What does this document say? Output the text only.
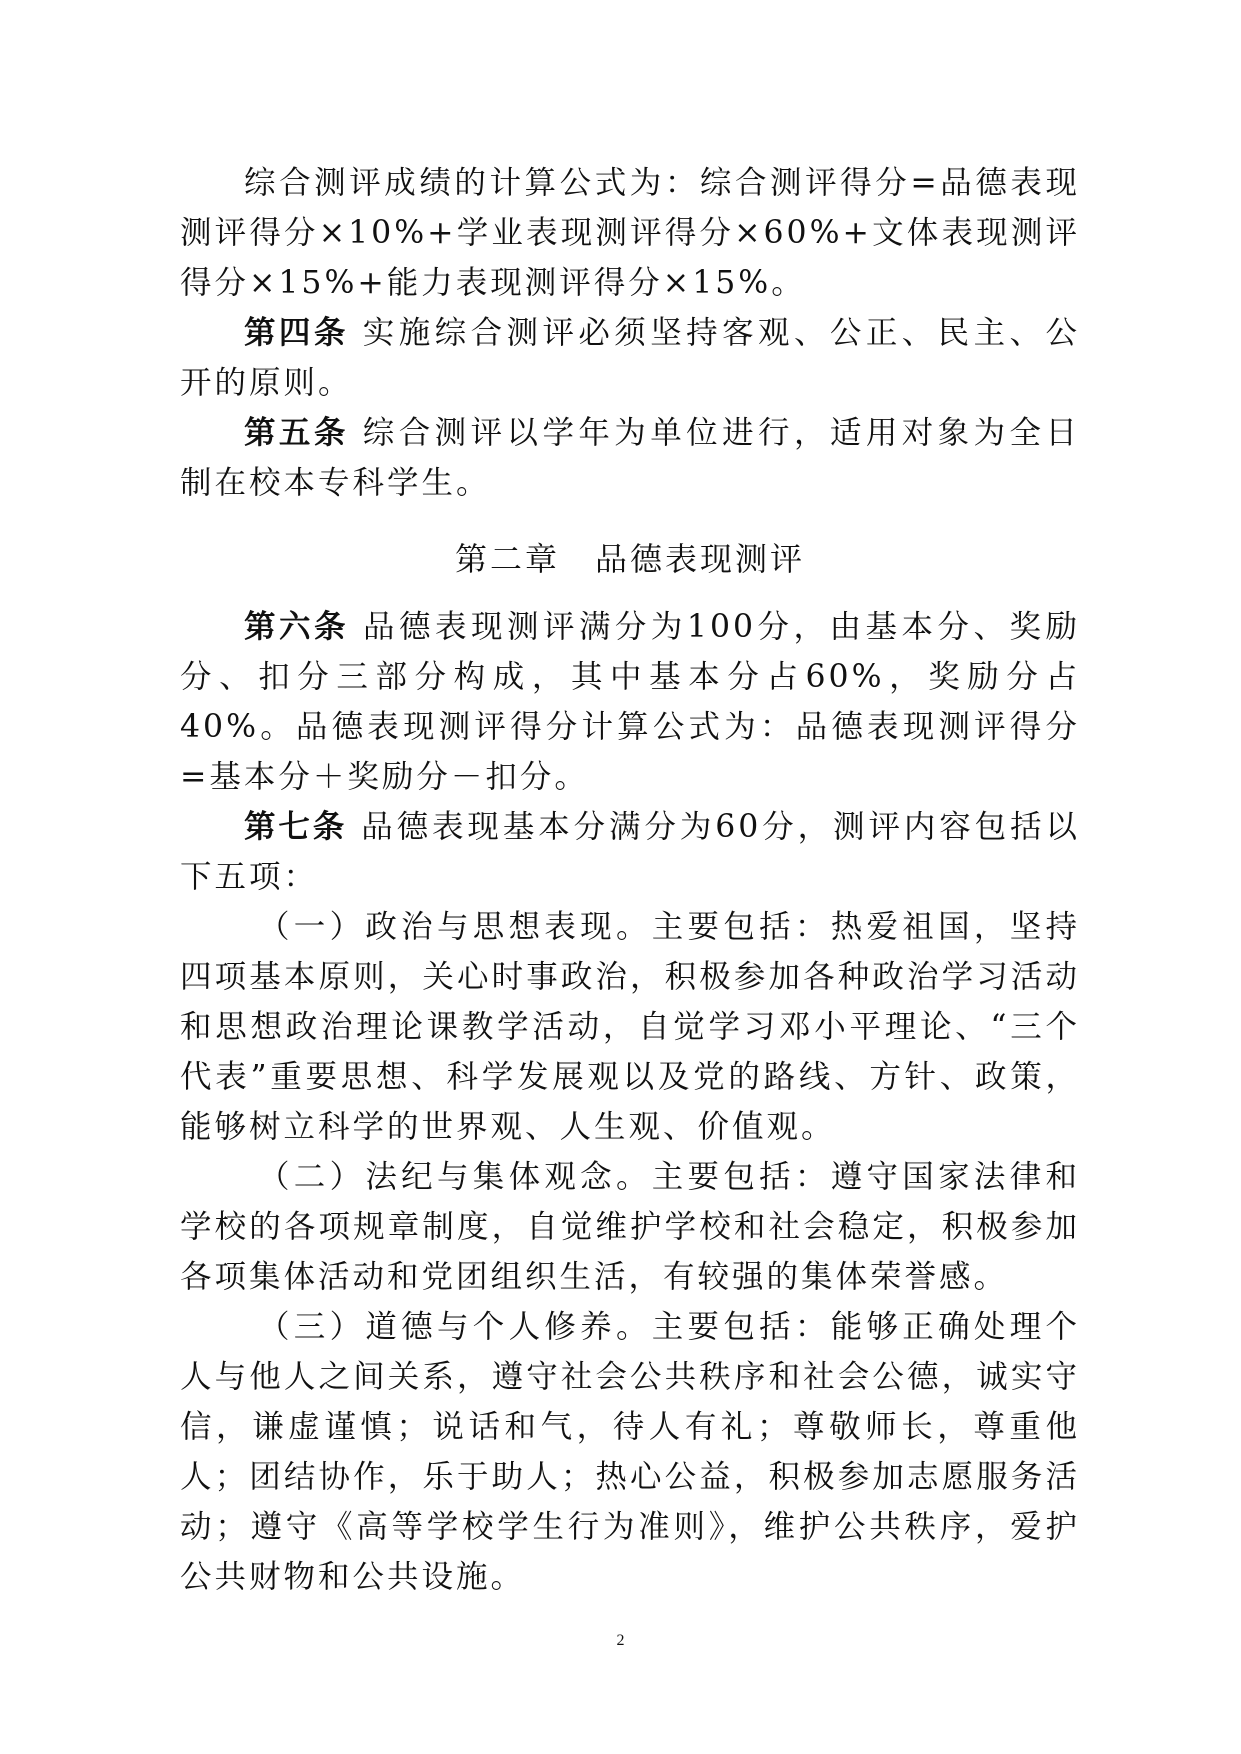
综合测评成绩的计算公式为：综合测评得分=品德表现测评得分×10%+学业表现测评得分×60%+文体表现测评得分×15%+能力表现测评得分×15%。

第四条 实施综合测评必须坚持客观、公正、民主、公开的原则。

第五条 综合测评以学年为单位进行，适用对象为全日制在校本专科学生。

第二章　品德表现测评

第六条 品德表现测评满分为100分，由基本分、奖励分、扣分三部分构成，其中基本分占60%，奖励分占40%。品德表现测评得分计算公式为：品德表现测评得分=基本分＋奖励分－扣分。

第七条 品德表现基本分满分为60分，测评内容包括以下五项：

（一）政治与思想表现。主要包括：热爱祖国，坚持四项基本原则，关心时事政治，积极参加各种政治学习活动和思想政治理论课教学活动，自觉学习邓小平理论、“三个代表”重要思想、科学发展观以及党的路线、方针、政策，能够树立科学的世界观、人生观、价值观。

（二）法纪与集体观念。主要包括：遵守国家法律和学校的各项规章制度，自觉维护学校和社会稳定，积极参加各项集体活动和党团组织生活，有较强的集体荣誉感。

（三）道德与个人修养。主要包括：能够正确处理个人与他人之间关系，遵守社会公共秩序和社会公德，诚实守信，谦虚谨慎；说话和气，待人有礼；尊敬师长，尊重他人；团结协作，乐于助人；热心公益，积极参加志愿服务活动；遵守《高等学校学生行为准则》，维护公共秩序，爱护公共财物和公共设施。

2
